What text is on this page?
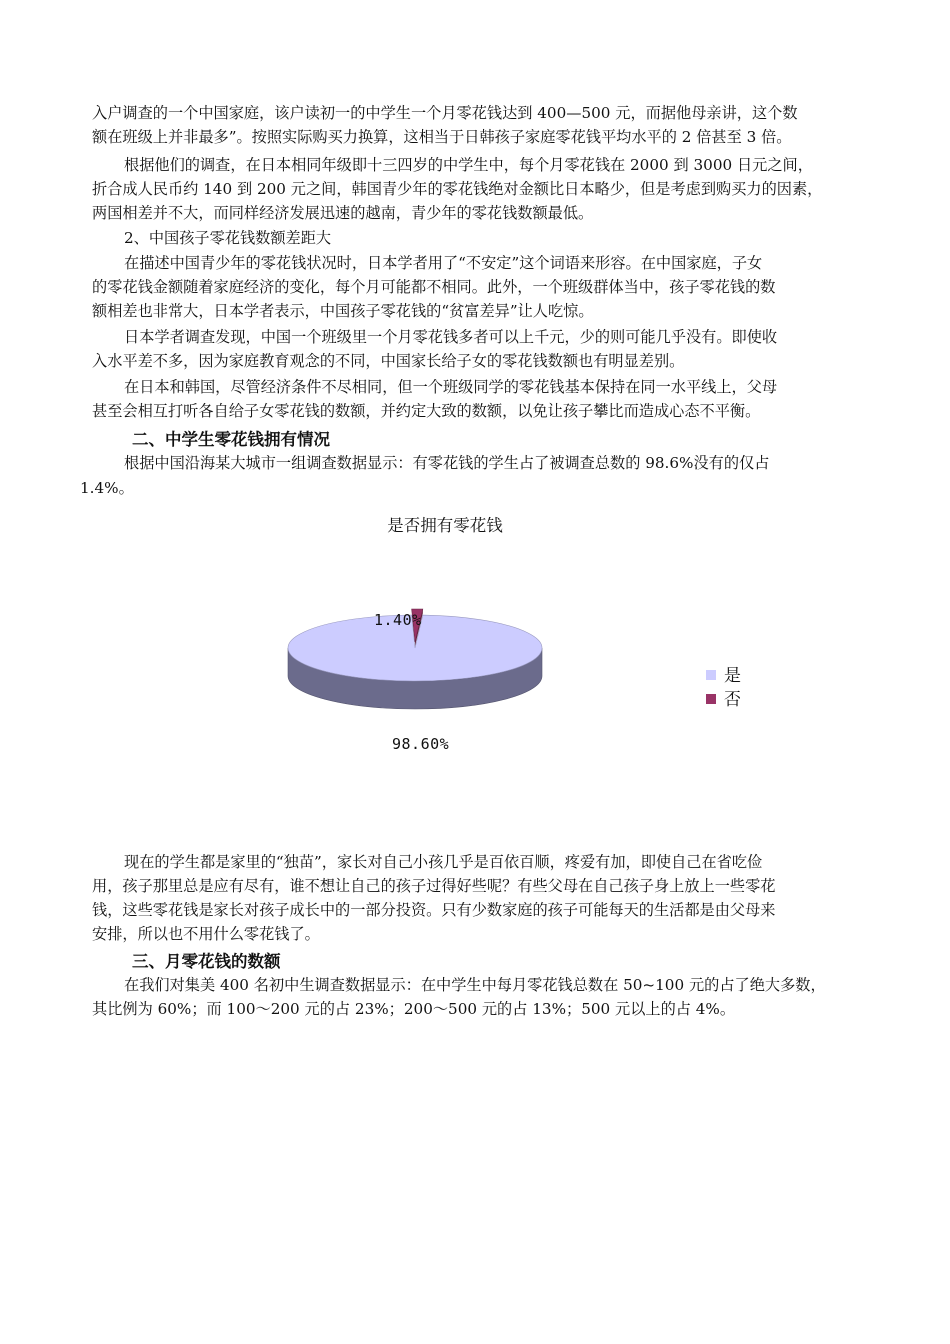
入户调查的一个中国家庭，该户读初一的中学生一个月零花钱达到 400—500 元，而据他母亲讲，这个数
额在班级上并非最多”。按照实际购买力换算，这相当于日韩孩子家庭零花钱平均水平的 2 倍甚至 3 倍。
根据他们的调查，在日本相同年级即十三四岁的中学生中，每个月零花钱在 2000 到 3000 日元之间，
折合成人民币约 140 到 200 元之间，韩国青少年的零花钱绝对金额比日本略少，但是考虑到购买力的因素，
两国相差并不大，而同样经济发展迅速的越南，青少年的零花钱数额最低。
2、中国孩子零花钱数额差距大
在描述中国青少年的零花钱状况时，日本学者用了“不安定”这个词语来形容。在中国家庭，子女
的零花钱金额随着家庭经济的变化，每个月可能都不相同。此外，一个班级群体当中，孩子零花钱的数
额相差也非常大，日本学者表示，中国孩子零花钱的“贫富差异”让人吃惊。
日本学者调查发现，中国一个班级里一个月零花钱多者可以上千元，少的则可能几乎没有。即使收
入水平差不多，因为家庭教育观念的不同，中国家长给子女的零花钱数额也有明显差别。
在日本和韩国，尽管经济条件不尽相同，但一个班级同学的零花钱基本保持在同一水平线上，父母
甚至会相互打听各自给子女零花钱的数额，并约定大致的数额，以免让孩子攀比而造成心态不平衡。
二、中学生零花钱拥有情况
根据中国沿海某大城市一组调查数据显示：有零花钱的学生占了被调查总数的 98.6%没有的仅占
1.4%。
是否拥有零花钱
1.40%
98.60%
是
否
现在的学生都是家里的“独苗”，家长对自己小孩几乎是百依百顺，疼爱有加，即使自己在省吃俭
用，孩子那里总是应有尽有，谁不想让自己的孩子过得好些呢？有些父母在自己孩子身上放上一些零花
钱，这些零花钱是家长对孩子成长中的一部分投资。只有少数家庭的孩子可能每天的生活都是由父母来
安排，所以也不用什么零花钱了。
三、月零花钱的数额
在我们对集美 400 名初中生调查数据显示：在中学生中每月零花钱总数在 50~100 元的占了绝大多数，
其比例为 60%；而 100～200 元的占 23%；200～500 元的占 13%；500 元以上的占 4%。
